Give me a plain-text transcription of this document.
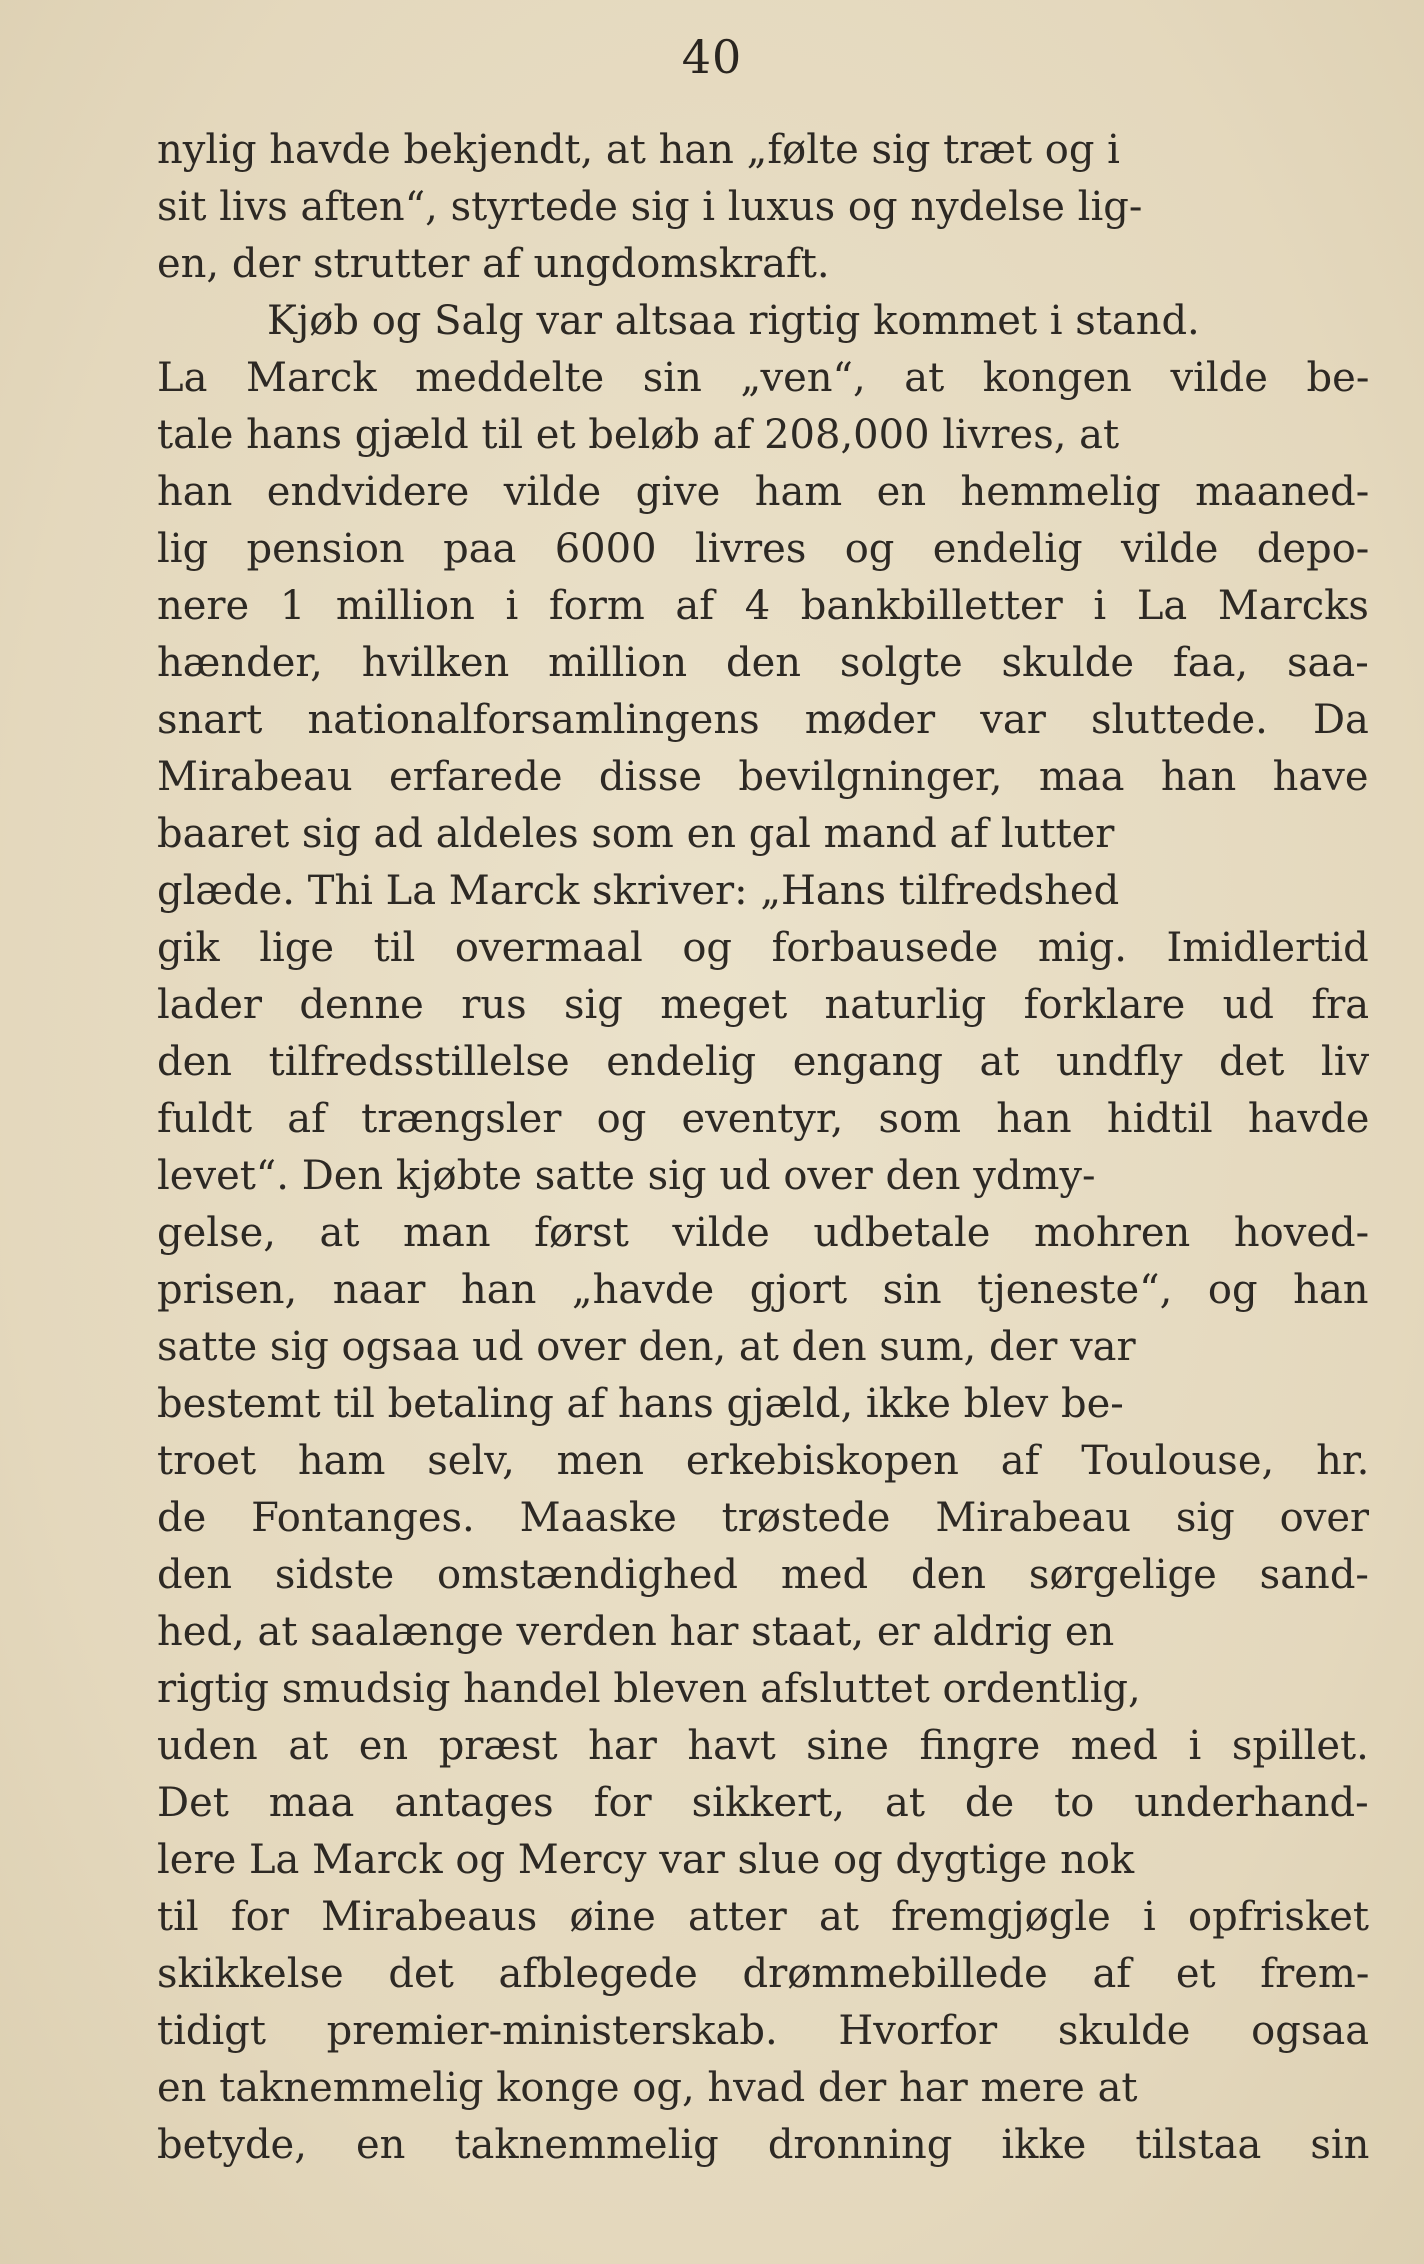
40
nylig havde bekjendt, at han „følte sig træt og i
sit livs aften“, styrtede sig i luxus og nydelse lig-
en, der strutter af ungdomskraft.
Kjøb og Salg var altsaa rigtig kommet i stand.
La Marck meddelte sin „ven“, at kongen vilde be-
tale hans gjæld til et beløb af 208,000 livres, at
han endvidere vilde give ham en hemmelig maaned-
lig pension paa 6000 livres og endelig vilde depo-
nere 1 million i form af 4 bankbilletter i La Marcks
hænder, hvilken million den solgte skulde faa, saa-
snart nationalforsamlingens møder var sluttede. Da
Mirabeau erfarede disse bevilgninger, maa han have
baaret sig ad aldeles som en gal mand af lutter
glæde. Thi La Marck skriver: „Hans tilfredshed
gik lige til overmaal og forbausede mig. Imidlertid
lader denne rus sig meget naturlig forklare ud fra
den tilfredsstillelse endelig engang at undfly det liv
fuldt af trængsler og eventyr, som han hidtil havde
levet“. Den kjøbte satte sig ud over den ydmy-
gelse, at man først vilde udbetale mohren hoved-
prisen, naar han „havde gjort sin tjeneste“, og han
satte sig ogsaa ud over den, at den sum, der var
bestemt til betaling af hans gjæld, ikke blev be-
troet ham selv, men erkebiskopen af Toulouse, hr.
de Fontanges. Maaske trøstede Mirabeau sig over
den sidste omstændighed med den sørgelige sand-
hed, at saalænge verden har staat, er aldrig en
rigtig smudsig handel bleven afsluttet ordentlig,
uden at en præst har havt sine fingre med i spillet.
Det maa antages for sikkert, at de to underhand-
lere La Marck og Mercy var slue og dygtige nok
til for Mirabeaus øine atter at fremgjøgle i opfrisket
skikkelse det afblegede drømmebillede af et frem-
tidigt premier-ministerskab. Hvorfor skulde ogsaa
en taknemmelig konge og, hvad der har mere at
betyde, en taknemmelig dronning ikke tilstaa sin
